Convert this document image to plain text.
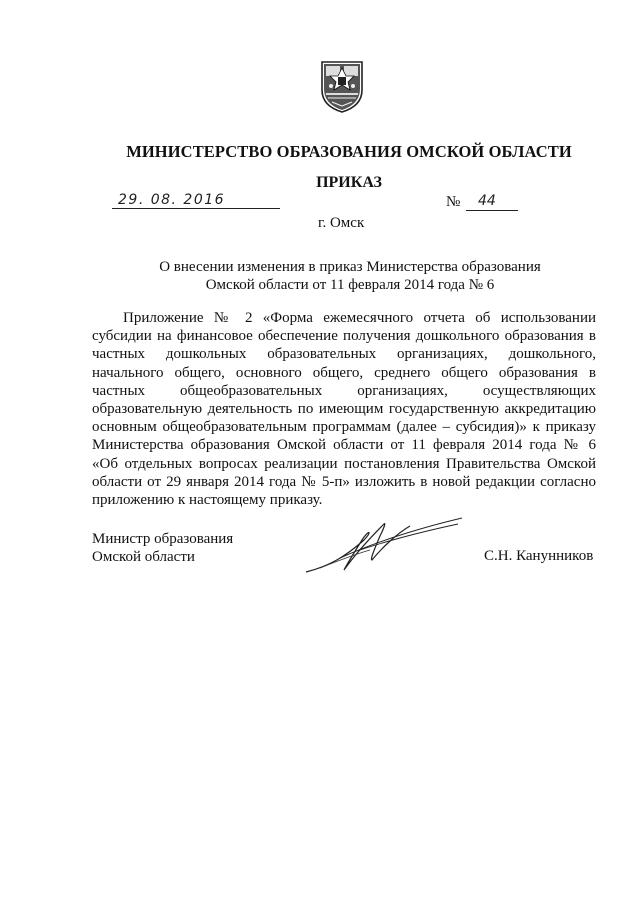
МИНИСТЕРСТВО ОБРАЗОВАНИЯ ОМСКОЙ ОБЛАСТИ
ПРИКАЗ
29. 08. 2016	№ 44
г. Омск
О внесении изменения в приказ Министерства образования
Омской области от 11 февраля 2014 года № 6
Приложение № 2 «Форма ежемесячного отчета об использовании
субсидии на финансовое обеспечение получения дошкольного образования в
частных дошкольных образовательных организациях, дошкольного,
начального общего, основного общего, среднего общего образования в
частных общеобразовательных организациях, осуществляющих
образовательную деятельность по имеющим государственную аккредитацию
основным общеобразовательным программам (далее – субсидия)» к приказу
Министерства образования Омской области от 11 февраля 2014 года № 6
«Об отдельных вопросах реализации постановления Правительства Омской
области от 29 января 2014 года № 5-п» изложить в новой редакции согласно
приложению к настоящему приказу.
Министр образования
Омской области	С.Н. Канунников
